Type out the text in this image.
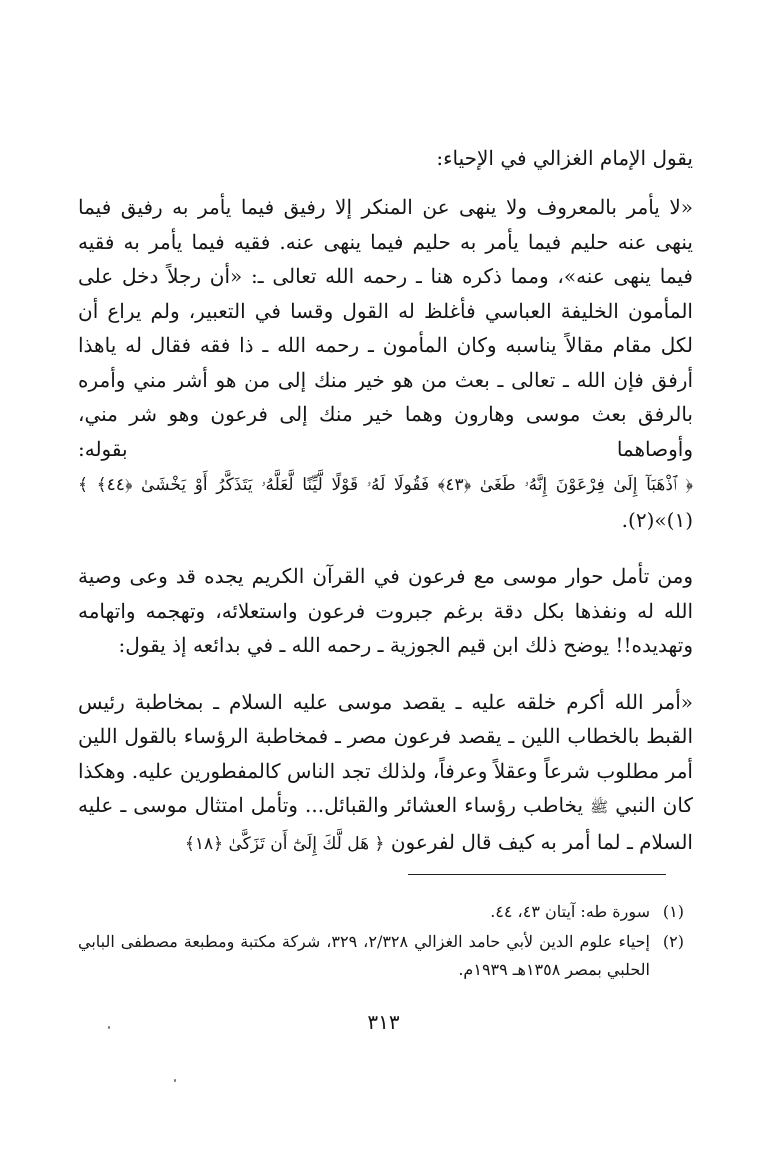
يقول الإمام الغزالي في الإحياء:

«لا يأمر بالمعروف ولا ينهى عن المنكر إلا رفيق فيما يأمر به رفيق فيما ينهى عنه حليم فيما يأمر به حليم فيما ينهى عنه. فقيه فيما يأمر به فقيه فيما ينهى عنه»، ومما ذكره هنا ـ رحمه الله تعالى ـ: «أن رجلاً دخل على المأمون الخليفة العباسي فأغلظ له القول وقسا في التعبير، ولم يراع أن لكل مقام مقالاً يناسبه وكان المأمون ـ رحمه الله ـ ذا فقه فقال له ياهذا أرفق فإن الله ـ تعالى ـ بعث من هو خير منك إلى من هو أشر مني وأمره بالرفق بعث موسى وهارون وهما خير منك إلى فرعون وهو شر مني، وأوصاهما بقوله: ﴿ ٱذْهَبَآ إِلَىٰ فِرْعَوْنَ إِنَّهُۥ طَغَىٰ ﴿٤٣﴾ فَقُولَا لَهُۥ قَوْلًا لَّيِّنًا لَّعَلَّهُۥ يَتَذَكَّرُ أَوْ يَخْشَىٰ ﴿٤٤﴾ ﴾ (١)»(٢).

ومن تأمل حوار موسى مع فرعون في القرآن الكريم يجده قد وعى وصية الله له ونفذها بكل دقة برغم جبروت فرعون واستعلائه، وتهجمه واتهامه وتهديده!! يوضح ذلك ابن قيم الجوزية ـ رحمه الله ـ في بدائعه إذ يقول:

«أمر الله أكرم خلقه عليه ـ يقصد موسى عليه السلام ـ بمخاطبة رئيس القبط بالخطاب اللين ـ يقصد فرعون مصر ـ فمخاطبة الرؤساء بالقول اللين أمر مطلوب شرعاً وعقلاً وعرفاً، ولذلك تجد الناس كالمفطورين عليه. وهكذا كان النبي ﷺ يخاطب رؤساء العشائر والقبائل... وتأمل امتثال موسى ـ عليه السلام ـ لما أمر به كيف قال لفرعون ﴿ هَل لَّكَ إِلَىٰٓ أَن تَزَكَّىٰ ﴿١٨﴾

(١)
سورة طه: آيتان ٤٣، ٤٤.
(٢)
إحياء علوم الدين لأبي حامد الغزالي ٢/٣٢٨، ٣٢٩، شركة مكتبة ومطبعة مصطفى البابي الحلبي بمصر ١٣٥٨هـ ١٩٣٩م.
٣١٣
